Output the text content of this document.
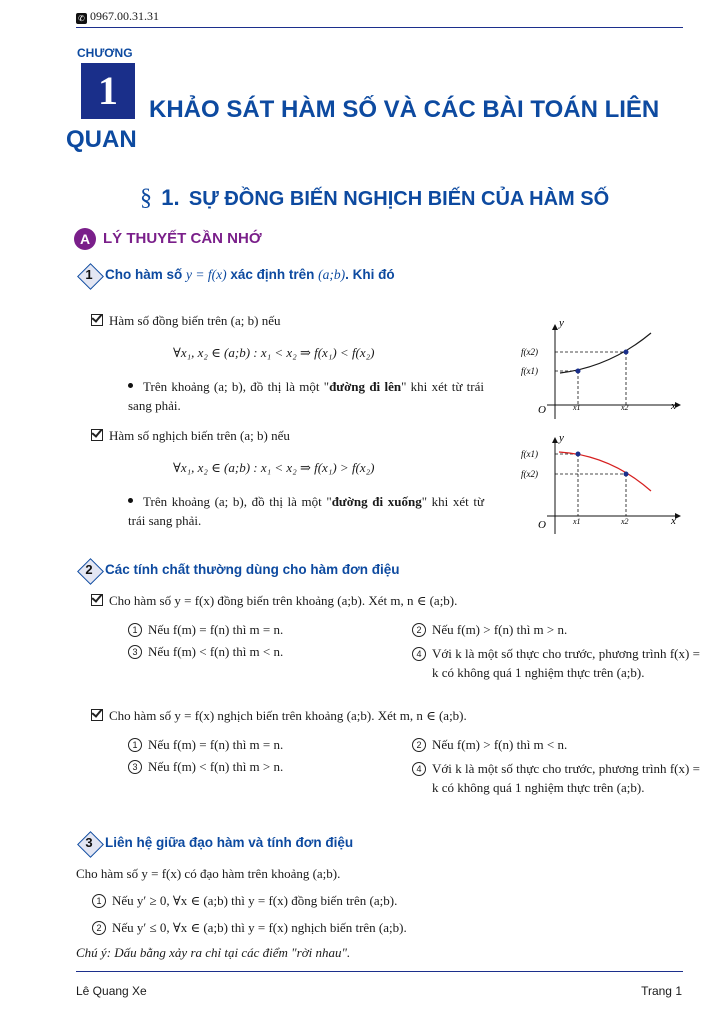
✆ 0967.00.31.31
CHƯƠNG
1	KHẢO SÁT HÀM SỐ VÀ CÁC BÀI TOÁN LIÊN
QUAN
§ 1. SỰ ĐỒNG BIẾN NGHỊCH BIẾN CỦA HÀM SỐ
A LÝ THUYẾT CẦN NHỚ
1 Cho hàm số y = f(x) xác định trên (a;b). Khi đó
Hàm số đồng biến trên (a; b) nếu
∀x₁, x₂ ∈ (a;b) : x₁ < x₂ ⇒ f(x₁) < f(x₂)
Trên khoảng (a; b), đồ thị là một "đường đi lên" khi xét từ trái sang phải.
Hàm số nghịch biến trên (a; b) nếu
∀x₁, x₂ ∈ (a;b) : x₁ < x₂ ⇒ f(x₁) > f(x₂)
Trên khoảng (a; b), đồ thị là một "đường đi xuống" khi xét từ trái sang phải.
y
x
O
f(x2)
f(x1)
x1	x2
y
x
O
f(x1)
f(x2)
x1	x2
2 Các tính chất thường dùng cho hàm đơn điệu
Cho hàm số y = f(x) đồng biến trên khoảng (a;b). Xét m, n ∈ (a;b).
1 Nếu f(m) = f(n) thì m = n.	2 Nếu f(m) > f(n) thì m > n.
3 Nếu f(m) < f(n) thì m < n.	4 Với k là một số thực cho trước, phương trình f(x) = k có không quá 1 nghiệm thực trên (a;b).
Cho hàm số y = f(x) nghịch biến trên khoảng (a;b). Xét m, n ∈ (a;b).
1 Nếu f(m) = f(n) thì m = n.	2 Nếu f(m) > f(n) thì m < n.
3 Nếu f(m) < f(n) thì m > n.	4 Với k là một số thực cho trước, phương trình f(x) = k có không quá 1 nghiệm thực trên (a;b).
3 Liên hệ giữa đạo hàm và tính đơn điệu
Cho hàm số y = f(x) có đạo hàm trên khoảng (a;b).
1 Nếu y′ ≥ 0, ∀x ∈ (a;b) thì y = f(x) đồng biến trên (a;b).
2 Nếu y′ ≤ 0, ∀x ∈ (a;b) thì y = f(x) nghịch biến trên (a;b).
Chú ý: Dấu bằng xảy ra chỉ tại các điểm "rời nhau".
Lê Quang Xe	Trang 1
